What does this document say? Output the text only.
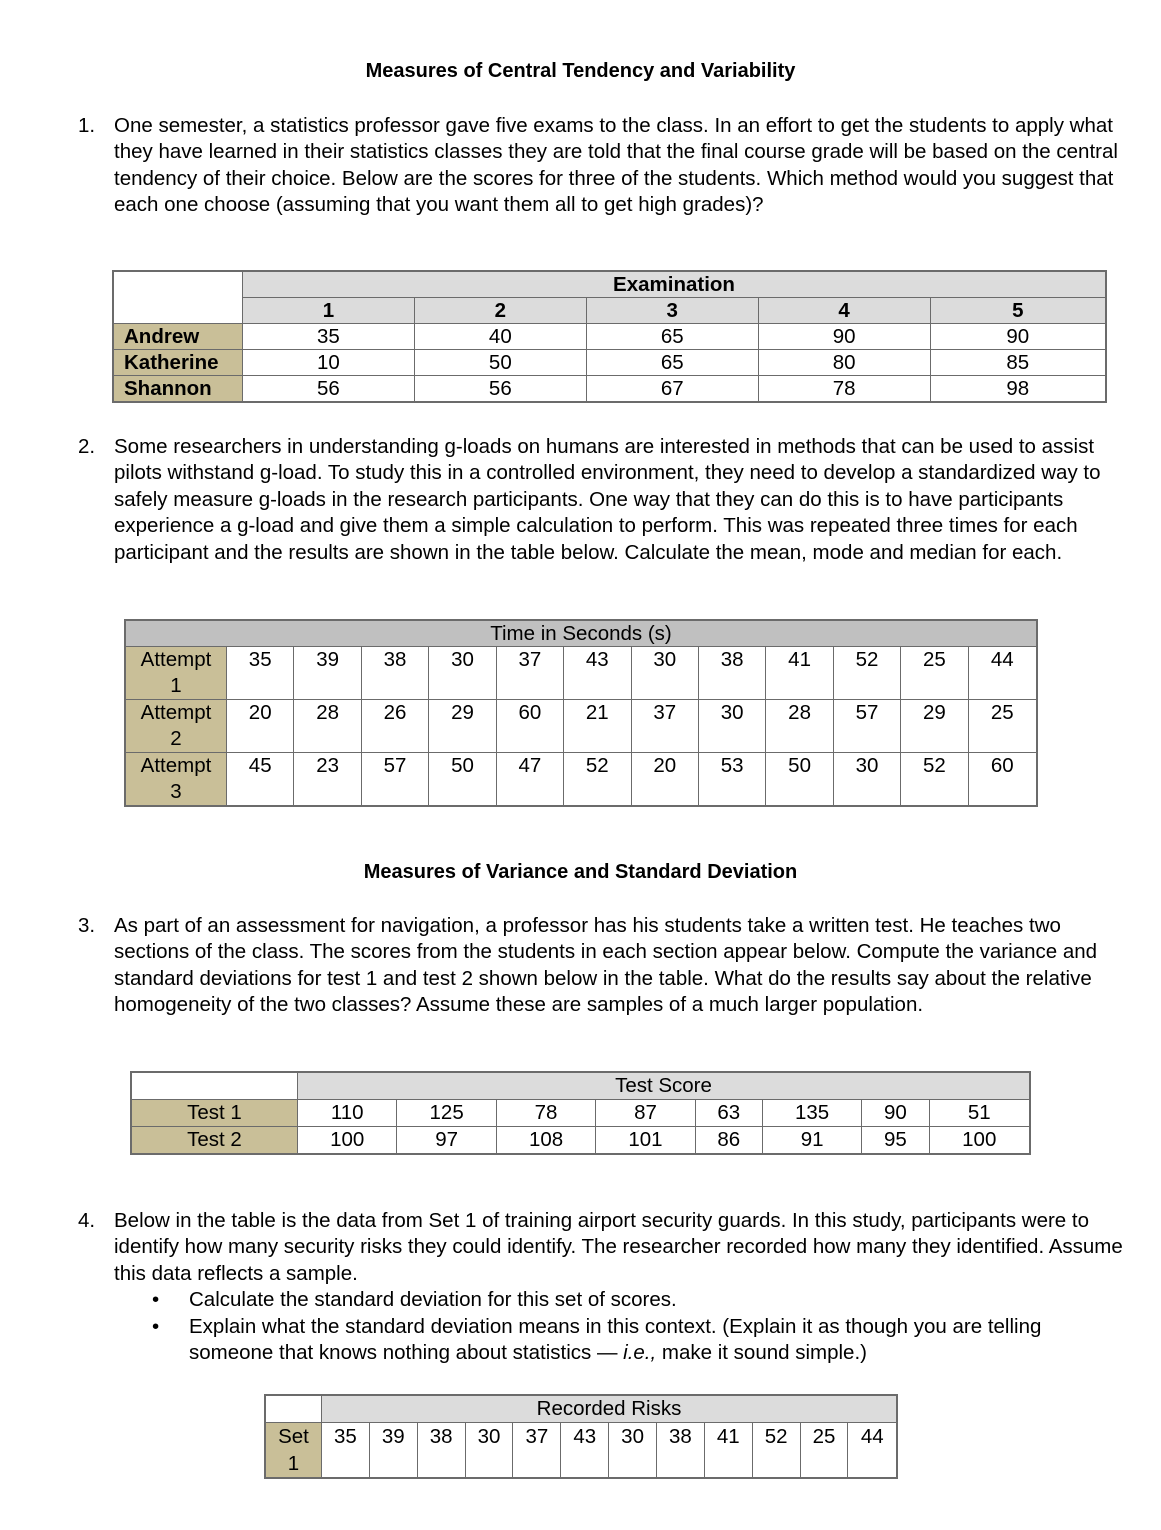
Measures of Central Tendency and Variability
1. One semester, a statistics professor gave five exams to the class. In an effort to get the students to apply what they have learned in their statistics classes they are told that the final course grade will be based on the central tendency of their choice. Below are the scores for three of the students. Which method would you suggest that each one choose (assuming that you want them all to get high grades)?
	Examination				
	1	2	3	4	5
Andrew	35	40	65	90	90
Katherine	10	50	65	80	85
Shannon	56	56	67	78	98
2. Some researchers in understanding g-loads on humans are interested in methods that can be used to assist pilots withstand g-load. To study this in a controlled environment, they need to develop a standardized way to safely measure g-loads in the research participants. One way that they can do this is to have participants experience a g-load and give them a simple calculation to perform. This was repeated three times for each participant and the results are shown in the table below. Calculate the mean, mode and median for each.
Time in Seconds (s)												
Attempt
1	35	39	38	30	37	43	30	38	41	52	25	44
Attempt
2	20	28	26	29	60	21	37	30	28	57	29	25
Attempt
3	45	23	57	50	47	52	20	53	50	30	52	60
Measures of Variance and Standard Deviation
3. As part of an assessment for navigation, a professor has his students take a written test. He teaches two sections of the class. The scores from the students in each section appear below. Compute the variance and standard deviations for test 1 and test 2 shown below in the table. What do the results say about the relative homogeneity of the two classes? Assume these are samples of a much larger population.
	Test Score							
Test 1	110	125	78	87	63	135	90	51
Test 2	100	97	108	101	86	91	95	100
4. Below in the table is the data from Set 1 of training airport security guards. In this study, participants were to identify how many security risks they could identify. The researcher recorded how many they identified. Assume this data reflects a sample.
• Calculate the standard deviation for this set of scores.
• Explain what the standard deviation means in this context. (Explain it as though you are telling someone that knows nothing about statistics — i.e., make it sound simple.)
	Recorded Risks											
Set
1	35	39	38	30	37	43	30	38	41	52	25	44
